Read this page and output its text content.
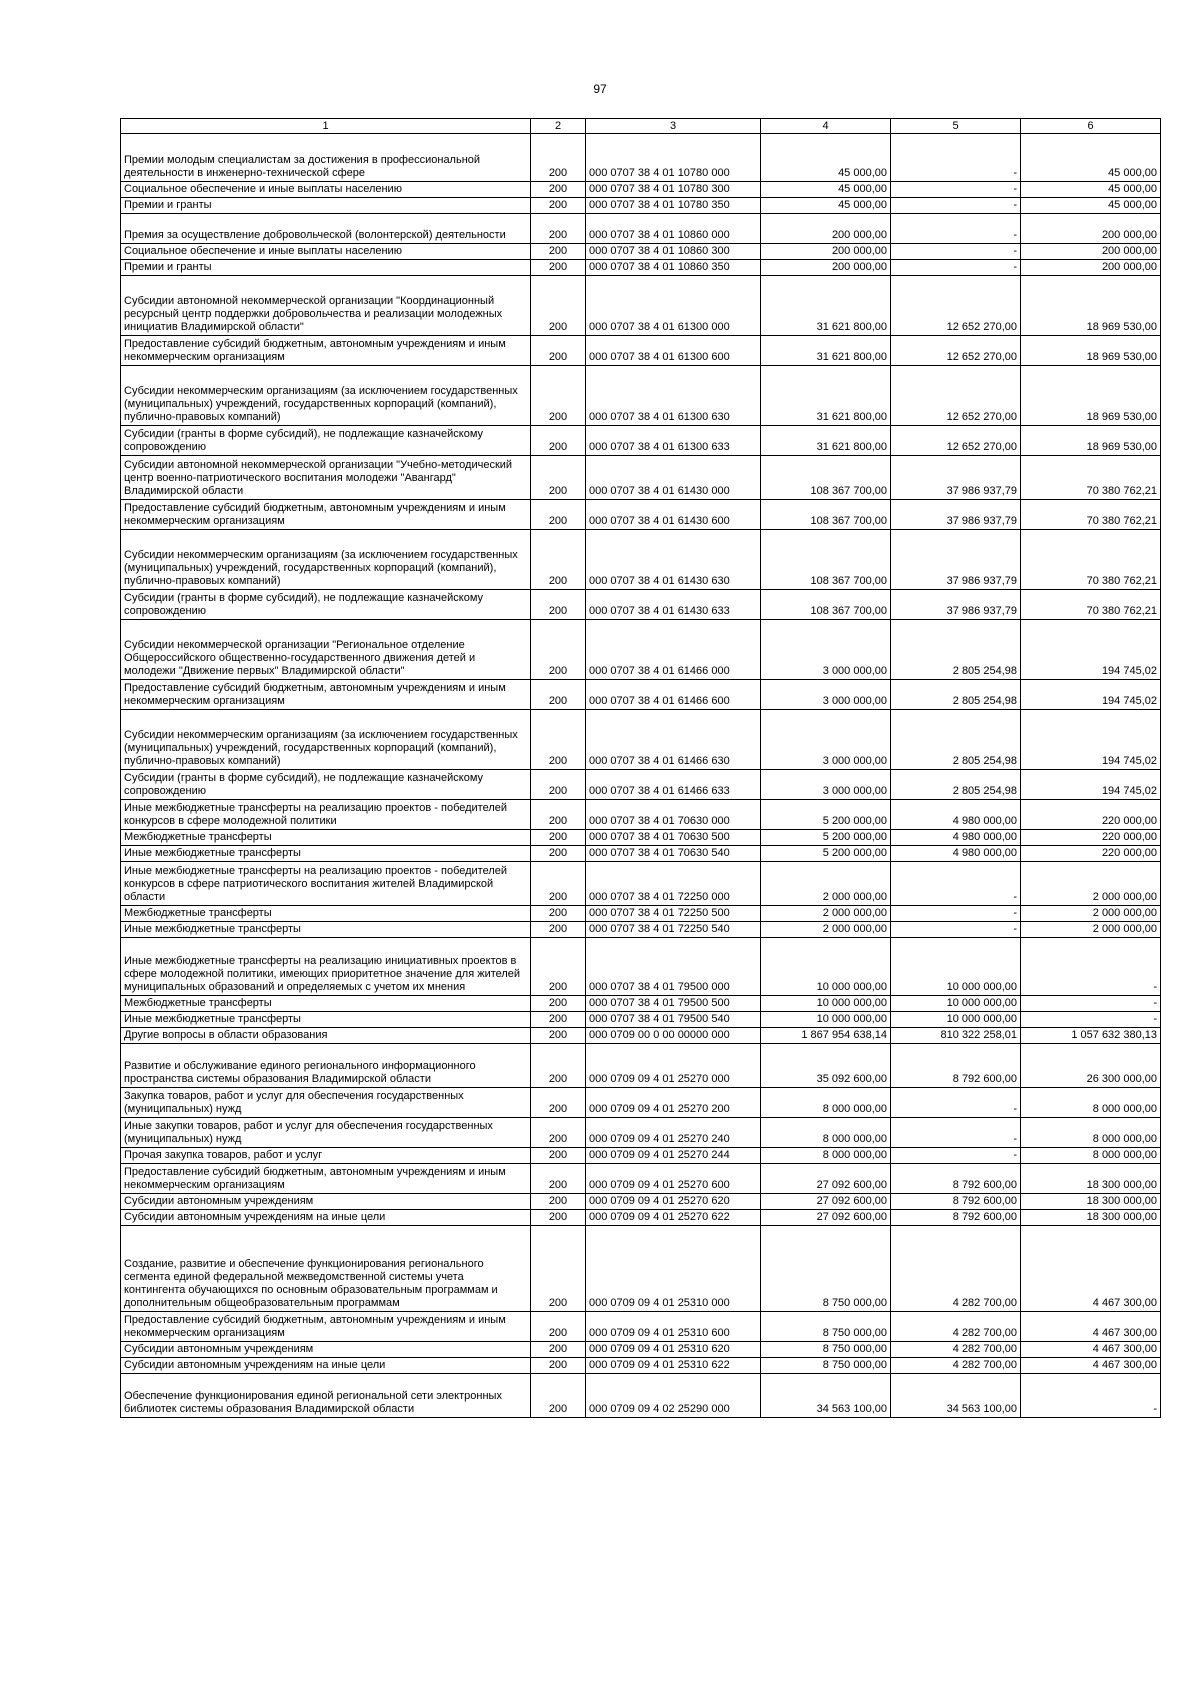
97
1	2	3	4	5	6
Премии молодым специалистам за достижения в профессиональной деятельности в инженерно-технической сфере	200	000 0707 38 4 01 10780 000	45 000,00	-	45 000,00
Социальное обеспечение и иные выплаты населению	200	000 0707 38 4 01 10780 300	45 000,00	-	45 000,00
Премии и гранты	200	000 0707 38 4 01 10780 350	45 000,00	-	45 000,00
Премия за осуществление добровольческой (волонтерской) деятельности	200	000 0707 38 4 01 10860 000	200 000,00	-	200 000,00
Социальное обеспечение и иные выплаты населению	200	000 0707 38 4 01 10860 300	200 000,00	-	200 000,00
Премии и гранты	200	000 0707 38 4 01 10860 350	200 000,00	-	200 000,00
Субсидии автономной некоммерческой организации "Координационный ресурсный центр поддержки добровольчества и реализации молодежных инициатив Владимирской области"	200	000 0707 38 4 01 61300 000	31 621 800,00	12 652 270,00	18 969 530,00
Предоставление субсидий бюджетным, автономным учреждениям и иным некоммерческим организациям	200	000 0707 38 4 01 61300 600	31 621 800,00	12 652 270,00	18 969 530,00
Субсидии некоммерческим организациям (за исключением государственных (муниципальных) учреждений, государственных корпораций (компаний), публично-правовых компаний)	200	000 0707 38 4 01 61300 630	31 621 800,00	12 652 270,00	18 969 530,00
Субсидии (гранты в форме субсидий), не подлежащие казначейскому сопровождению	200	000 0707 38 4 01 61300 633	31 621 800,00	12 652 270,00	18 969 530,00
Субсидии автономной некоммерческой организации "Учебно-методический центр военно-патриотического воспитания молодежи "Авангард" Владимирской области	200	000 0707 38 4 01 61430 000	108 367 700,00	37 986 937,79	70 380 762,21
Предоставление субсидий бюджетным, автономным учреждениям и иным некоммерческим организациям	200	000 0707 38 4 01 61430 600	108 367 700,00	37 986 937,79	70 380 762,21
Субсидии некоммерческим организациям (за исключением государственных (муниципальных) учреждений, государственных корпораций (компаний), публично-правовых компаний)	200	000 0707 38 4 01 61430 630	108 367 700,00	37 986 937,79	70 380 762,21
Субсидии (гранты в форме субсидий), не подлежащие казначейскому сопровождению	200	000 0707 38 4 01 61430 633	108 367 700,00	37 986 937,79	70 380 762,21
Субсидии некоммерческой организации "Региональное отделение Общероссийского общественно-государственного движения детей и молодежи "Движение первых" Владимирской области"	200	000 0707 38 4 01 61466 000	3 000 000,00	2 805 254,98	194 745,02
Предоставление субсидий бюджетным, автономным учреждениям и иным некоммерческим организациям	200	000 0707 38 4 01 61466 600	3 000 000,00	2 805 254,98	194 745,02
Субсидии некоммерческим организациям (за исключением государственных (муниципальных) учреждений, государственных корпораций (компаний), публично-правовых компаний)	200	000 0707 38 4 01 61466 630	3 000 000,00	2 805 254,98	194 745,02
Субсидии (гранты в форме субсидий), не подлежащие казначейскому сопровождению	200	000 0707 38 4 01 61466 633	3 000 000,00	2 805 254,98	194 745,02
Иные межбюджетные трансферты на реализацию проектов - победителей конкурсов в сфере молодежной политики	200	000 0707 38 4 01 70630 000	5 200 000,00	4 980 000,00	220 000,00
Межбюджетные трансферты	200	000 0707 38 4 01 70630 500	5 200 000,00	4 980 000,00	220 000,00
Иные межбюджетные трансферты	200	000 0707 38 4 01 70630 540	5 200 000,00	4 980 000,00	220 000,00
Иные межбюджетные трансферты на реализацию проектов - победителей конкурсов в сфере патриотического воспитания жителей Владимирской области	200	000 0707 38 4 01 72250 000	2 000 000,00	-	2 000 000,00
Межбюджетные трансферты	200	000 0707 38 4 01 72250 500	2 000 000,00	-	2 000 000,00
Иные межбюджетные трансферты	200	000 0707 38 4 01 72250 540	2 000 000,00	-	2 000 000,00
Иные межбюджетные трансферты на реализацию инициативных проектов в сфере молодежной политики, имеющих приоритетное значение для жителей муниципальных образований и определяемых с учетом их мнения	200	000 0707 38 4 01 79500 000	10 000 000,00	10 000 000,00	-
Межбюджетные трансферты	200	000 0707 38 4 01 79500 500	10 000 000,00	10 000 000,00	-
Иные межбюджетные трансферты	200	000 0707 38 4 01 79500 540	10 000 000,00	10 000 000,00	-
Другие вопросы в области образования	200	000 0709 00 0 00 00000 000	1 867 954 638,14	810 322 258,01	1 057 632 380,13
Развитие и обслуживание единого регионального информационного пространства системы образования Владимирской области	200	000 0709 09 4 01 25270 000	35 092 600,00	8 792 600,00	26 300 000,00
Закупка товаров, работ и услуг для обеспечения государственных (муниципальных) нужд	200	000 0709 09 4 01 25270 200	8 000 000,00	-	8 000 000,00
Иные закупки товаров, работ и услуг для обеспечения государственных (муниципальных) нужд	200	000 0709 09 4 01 25270 240	8 000 000,00	-	8 000 000,00
Прочая закупка товаров, работ и услуг	200	000 0709 09 4 01 25270 244	8 000 000,00	-	8 000 000,00
Предоставление субсидий бюджетным, автономным учреждениям и иным некоммерческим организациям	200	000 0709 09 4 01 25270 600	27 092 600,00	8 792 600,00	18 300 000,00
Субсидии автономным учреждениям	200	000 0709 09 4 01 25270 620	27 092 600,00	8 792 600,00	18 300 000,00
Субсидии автономным учреждениям на иные цели	200	000 0709 09 4 01 25270 622	27 092 600,00	8 792 600,00	18 300 000,00
Создание, развитие и обеспечение функционирования регионального сегмента единой федеральной межведомственной системы учета контингента обучающихся по основным образовательным программам и дополнительным общеобразовательным программам	200	000 0709 09 4 01 25310 000	8 750 000,00	4 282 700,00	4 467 300,00
Предоставление субсидий бюджетным, автономным учреждениям и иным некоммерческим организациям	200	000 0709 09 4 01 25310 600	8 750 000,00	4 282 700,00	4 467 300,00
Субсидии автономным учреждениям	200	000 0709 09 4 01 25310 620	8 750 000,00	4 282 700,00	4 467 300,00
Субсидии автономным учреждениям на иные цели	200	000 0709 09 4 01 25310 622	8 750 000,00	4 282 700,00	4 467 300,00
Обеспечение функционирования единой региональной сети электронных библиотек системы образования Владимирской области	200	000 0709 09 4 02 25290 000	34 563 100,00	34 563 100,00	-
